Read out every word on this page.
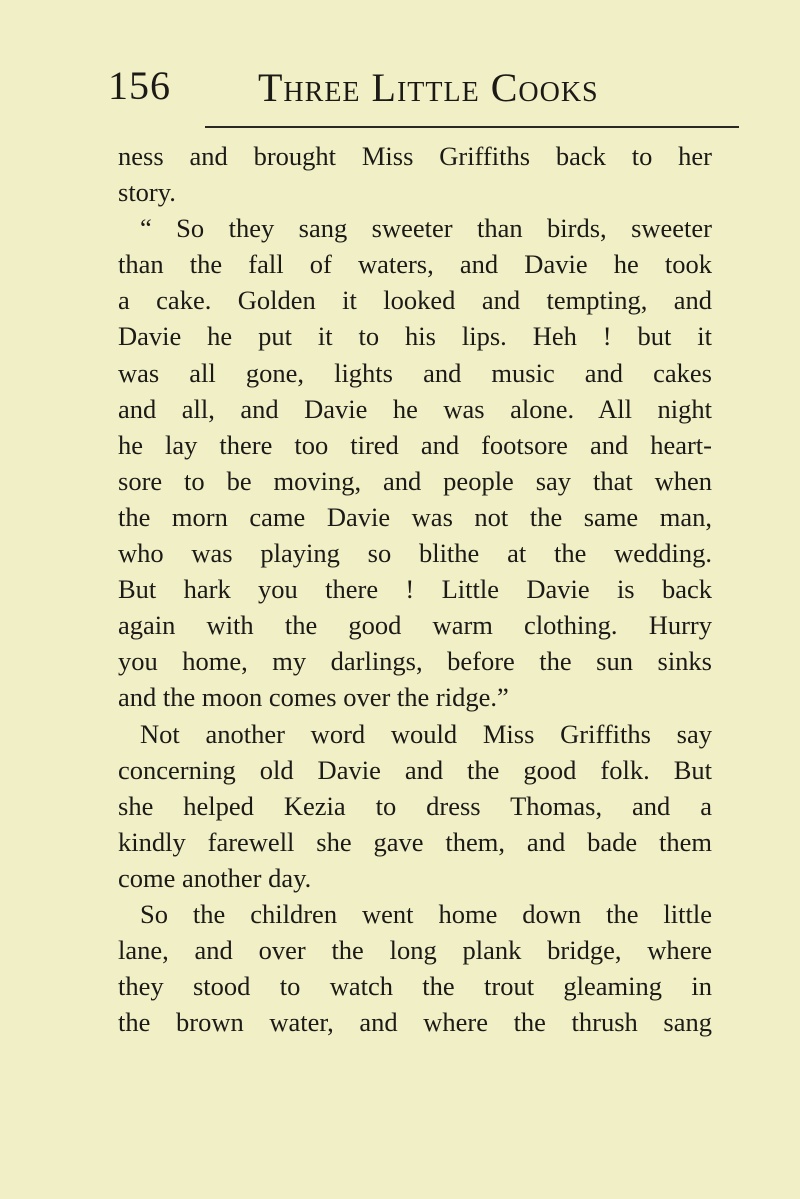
156 Three Little Cooks
ness and brought Miss Griffiths back to her
story.
“ So they sang sweeter than birds, sweeter
than the fall of waters, and Davie he took
a cake. Golden it looked and tempting, and
Davie he put it to his lips. Heh ! but it
was all gone, lights and music and cakes
and all, and Davie he was alone. All night
he lay there too tired and footsore and heart-
sore to be moving, and people say that when
the morn came Davie was not the same man,
who was playing so blithe at the wedding.
But hark you there ! Little Davie is back
again with the good warm clothing. Hurry
you home, my darlings, before the sun sinks
and the moon comes over the ridge.”
Not another word would Miss Griffiths say
concerning old Davie and the good folk. But
she helped Kezia to dress Thomas, and a
kindly farewell she gave them, and bade them
come another day.
So the children went home down the little
lane, and over the long plank bridge, where
they stood to watch the trout gleaming in
the brown water, and where the thrush sang
